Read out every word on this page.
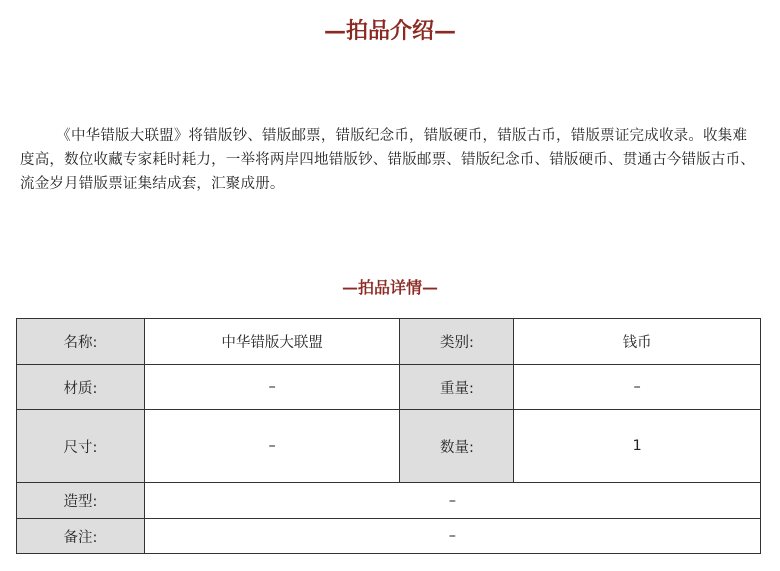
—拍品介绍—
《中华错版大联盟》将错版钞、错版邮票，错版纪念币，错版硬币，错版古币，错版票证完成收录。收集难度高，数位收藏专家耗时耗力，一举将两岸四地错版钞、错版邮票、错版纪念币、错版硬币、贯通古今错版古币、流金岁月错版票证集结成套，汇聚成册。
—拍品详情—
名称:	中华错版大联盟	类别:	钱币
材质:	–	重量:	–
尺寸:	–	数量:	1
造型:	–		
备注:	–		
